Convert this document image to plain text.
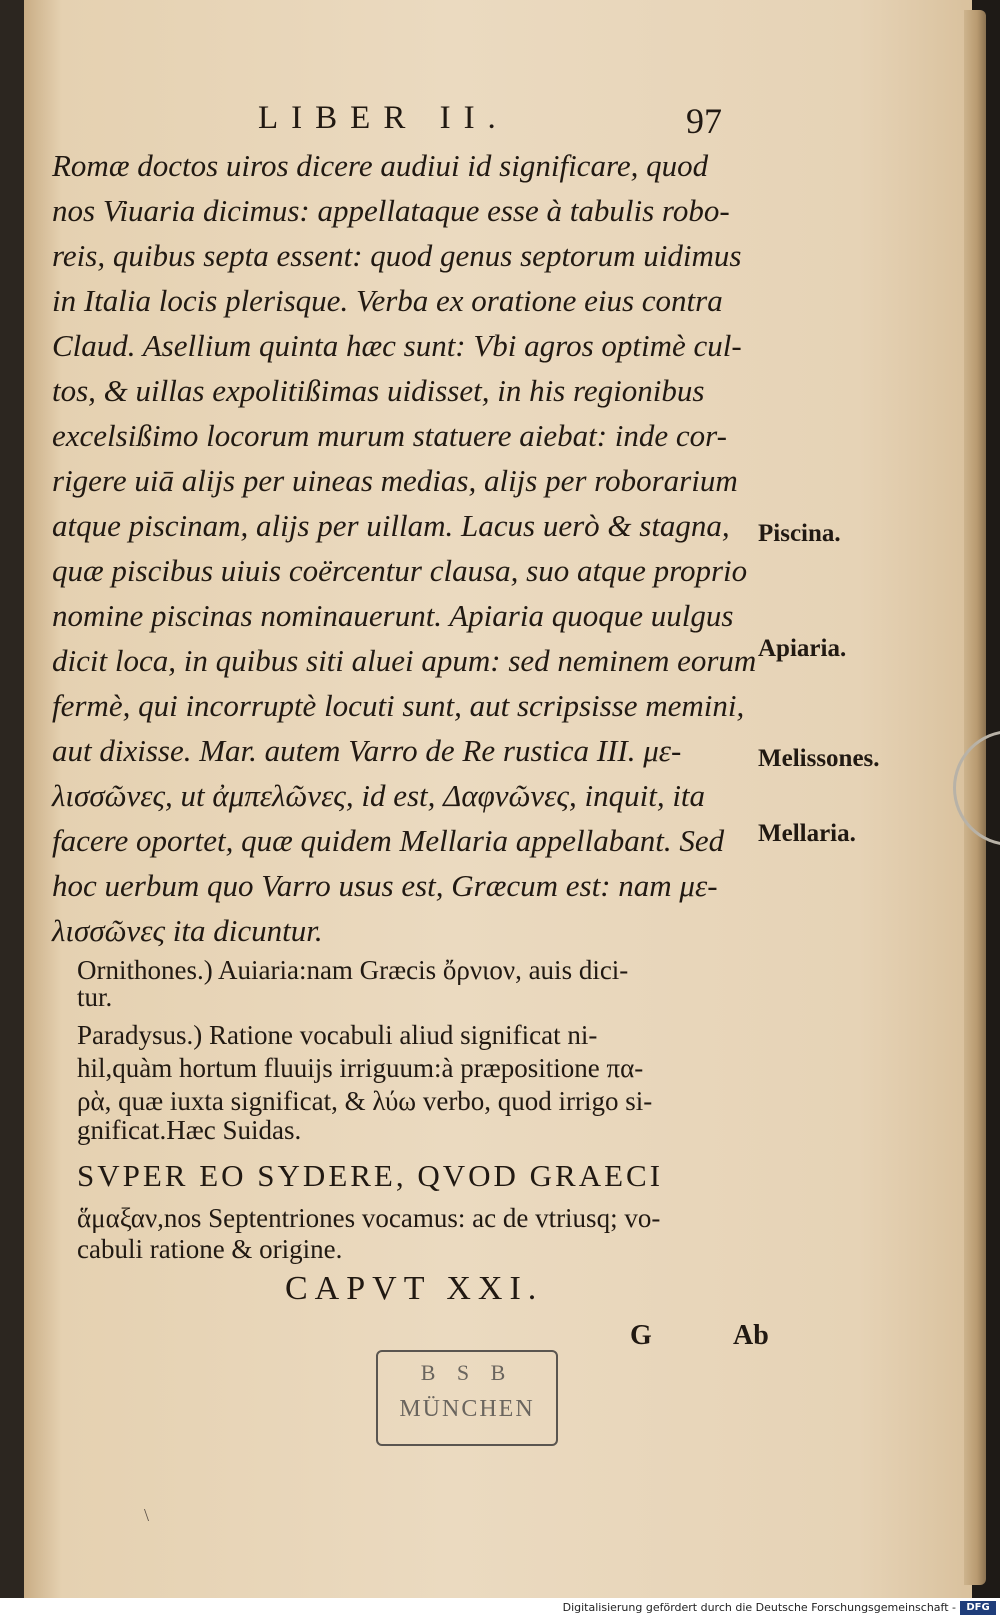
LIBER II.	97
Romæ doctos uiros dicere audiui id significare, quod
nos Viuaria dicimus: appellataque esse à tabulis robo-
reis, quibus septa essent: quod genus septorum uidimus
in Italia locis plerisque. Verba ex oratione eius contra
Claud. Asellium quinta hæc sunt: Vbi agros optimè cul-
tos, & uillas expolitißimas uidisset, in his regionibus
excelsißimo locorum murum statuere aiebat: inde cor-
rigere uiā alijs per uineas medias, alijs per roborarium
atque piscinam, alijs per uillam. Lacus uerò & stagna,
quæ piscibus uiuis coërcentur clausa, suo atque proprio
nomine piscinas nominauerunt. Apiaria quoque uulgus
dicit loca, in quibus siti aluei apum: sed neminem eorum
fermè, qui incorruptè locuti sunt, aut scripsisse memini,
aut dixisse. Mar. autem Varro de Re rustica III. με-
λισσῶνες, ut ἀμπελῶνες, id est, Δαφνῶνες, inquit, ita
facere oportet, quæ quidem Mellaria appellabant. Sed
hoc uerbum quo Varro usus est, Græcum est: nam με-
λισσῶνες ita dicuntur.
Piscina.
Apiaria.
Melissones.
Mellaria.
Ornithones.) Auiaria:nam Græcis ὄρνιον, auis dici-
tur.
Paradysus.) Ratione vocabuli aliud significat ni-
hil,quàm hortum fluuijs irriguum:à præpositione πα-
ρὰ, quæ iuxta significat, & λύω verbo, quod irrigo si-
gnificat.Hæc Suidas.
SVPER EO SYDERE, QVOD GRAECI
ἅμαξαν,nos Septentriones vocamus: ac de vtriusq; vo-
cabuli ratione & origine.
CAPVT XXI.
G	Ab
B S B
MÜNCHEN
\
Digitalisierung gefördert durch die Deutsche Forschungsgemeinschaft -	DFG
